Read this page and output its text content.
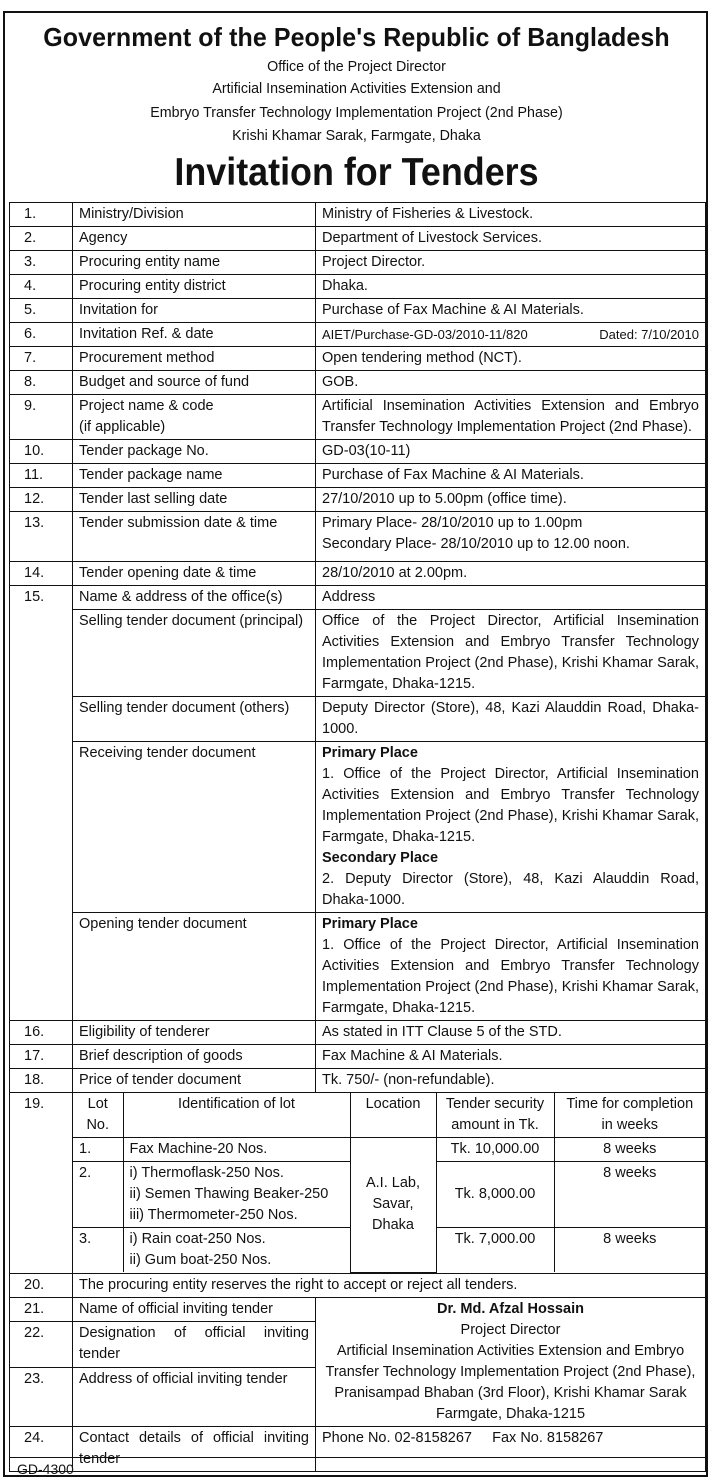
Government of the People's Republic of Bangladesh
Office of the Project Director
Artificial Insemination Activities Extension and
Embryo Transfer Technology Implementation Project (2nd Phase)
Krishi Khamar Sarak, Farmgate, Dhaka
Invitation for Tenders
1.	Ministry/Division	Ministry of Fisheries & Livestock.
2.	Agency	Department of Livestock Services.
3.	Procuring entity name	Project Director.
4.	Procuring entity district	Dhaka.
5.	Invitation for	Purchase of Fax Machine & AI Materials.
6.	Invitation Ref. & date	AIET/Purchase-GD-03/2010-11/820	Dated: 7/10/2010

7.	Procurement method	Open tendering method (NCT).
8.	Budget and source of fund	GOB.
9.	Project name & code
(if applicable)
	Artificial Insemination Activities Extension and Embryo Transfer Technology Implementation Project (2nd Phase).
10.	Tender package No.	GD-03(10-11)
11.	Tender package name	Purchase of Fax Machine & AI Materials.
12.	Tender last selling date	27/10/2010 up to 5.00pm (office time).
13.	Tender submission date & time	Primary Place- 28/10/2010 up to 1.00pm
Secondary Place- 28/10/2010 up to 12.00 noon.

14.	Tender opening date & time	28/10/2010 at 2.00pm.
15.	Name & address of the office(s)	Address
Selling tender document (principal)	Office of the Project Director, Artificial Insemination Activities Extension and Embryo Transfer Technology Implementation Project (2nd Phase), Krishi Khamar Sarak, Farmgate, Dhaka-1215.
Selling tender document (others)	Deputy Director (Store), 48, Kazi Alauddin Road, Dhaka-1000.
Receiving tender document	Primary Place
1. Office of the Project Director, Artificial Insemination Activities Extension and Embryo Transfer Technology Implementation Project (2nd Phase), Krishi Khamar Sarak, Farmgate, Dhaka-1215.
Secondary Place
2. Deputy Director (Store), 48, Kazi Alauddin Road, Dhaka-1000.

Opening tender document	Primary Place
1. Office of the Project Director, Artificial Insemination Activities Extension and Embryo Transfer Technology Implementation Project (2nd Phase), Krishi Khamar Sarak, Farmgate, Dhaka-1215.

16.	Eligibility of tenderer	As stated in ITT Clause 5 of the STD.
17.	Brief description of goods	Fax Machine & AI Materials.
18.	Price of tender document	Tk. 750/- (non-refundable).
19.		Lot No.	Identification of lot	Location	Tender security amount in Tk.	Time for completion in weeks
1.	Fax Machine-20 Nos.	A.I. Lab, Savar, Dhaka	Tk. 10,000.00	8 weeks
2.	i) Thermoflask-250 Nos.
ii) Semen Thawing Beaker-250
iii) Thermometer-250 Nos.
	Tk. 8,000.00	8 weeks
3.	i) Rain coat-250 Nos.
ii) Gum boat-250 Nos.
	Tk. 7,000.00	8 weeks

20.	The procuring entity reserves the right to accept or reject all tenders.
21.	Name of official inviting tender	Dr. Md. Afzal Hossain
Project Director
Artificial Insemination Activities Extension and Embryo
Transfer Technology Implementation Project (2nd Phase),
Pranisampad Bhaban (3rd Floor), Krishi Khamar Sarak
Farmgate, Dhaka-1215

22.	Designation of official inviting tender
23.	Address of official inviting tender
24.	Contact details of official inviting tender	Phone No. 02-8158267 Fax No. 8158267
GD-4300
